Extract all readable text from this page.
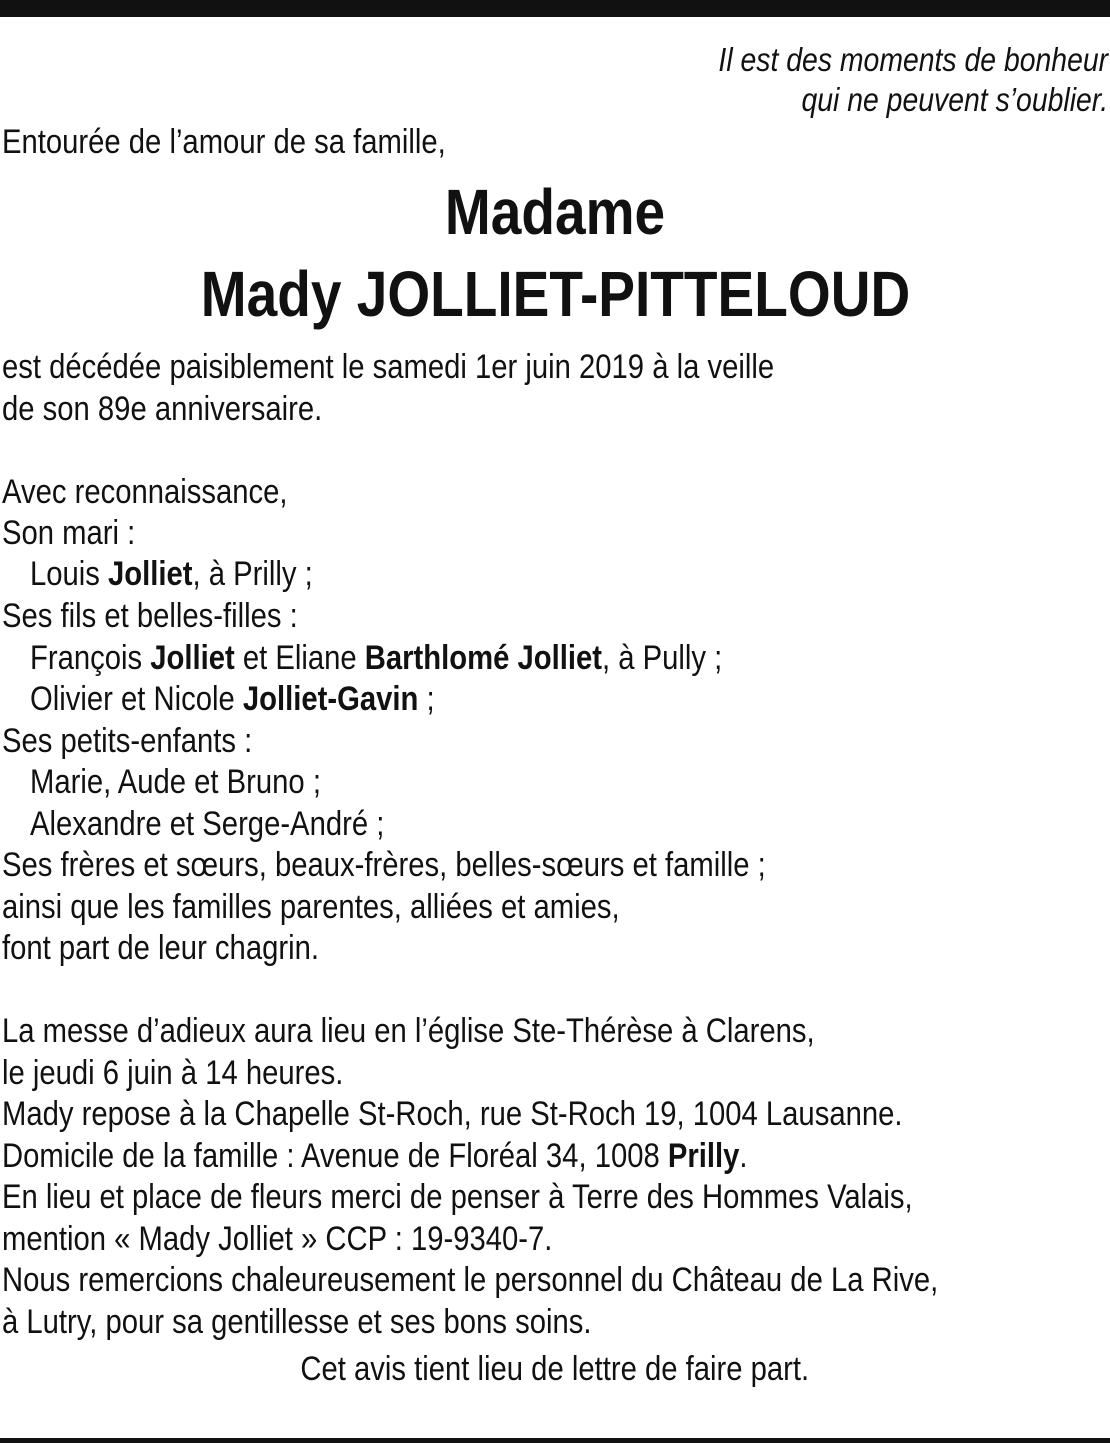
Il est des moments de bonheur
qui ne peuvent s’oublier.
Entourée de l’amour de sa famille,
Madame
Mady JOLLIET-PITTELOUD
est décédée paisiblement le samedi 1er juin 2019 à la veille
de son 89e anniversaire.
Avec reconnaissance,
Son mari :
Louis Jolliet, à Prilly ;
Ses fils et belles-filles :
François Jolliet et Eliane Barthlomé Jolliet, à Pully ;
Olivier et Nicole Jolliet-Gavin ;
Ses petits-enfants :
Marie, Aude et Bruno ;
Alexandre et Serge-André ;
Ses frères et sœurs, beaux-frères, belles-sœurs et famille ;
ainsi que les familles parentes, alliées et amies,
font part de leur chagrin.
La messe d’adieux aura lieu en l’église Ste-Thérèse à Clarens,
le jeudi 6 juin à 14 heures.
Mady repose à la Chapelle St-Roch, rue St-Roch 19, 1004 Lausanne.
Domicile de la famille : Avenue de Floréal 34, 1008 Prilly.
En lieu et place de fleurs merci de penser à Terre des Hommes Valais,
mention « Mady Jolliet » CCP : 19-9340-7.
Nous remercions chaleureusement le personnel du Château de La Rive,
à Lutry, pour sa gentillesse et ses bons soins.
Cet avis tient lieu de lettre de faire part.
